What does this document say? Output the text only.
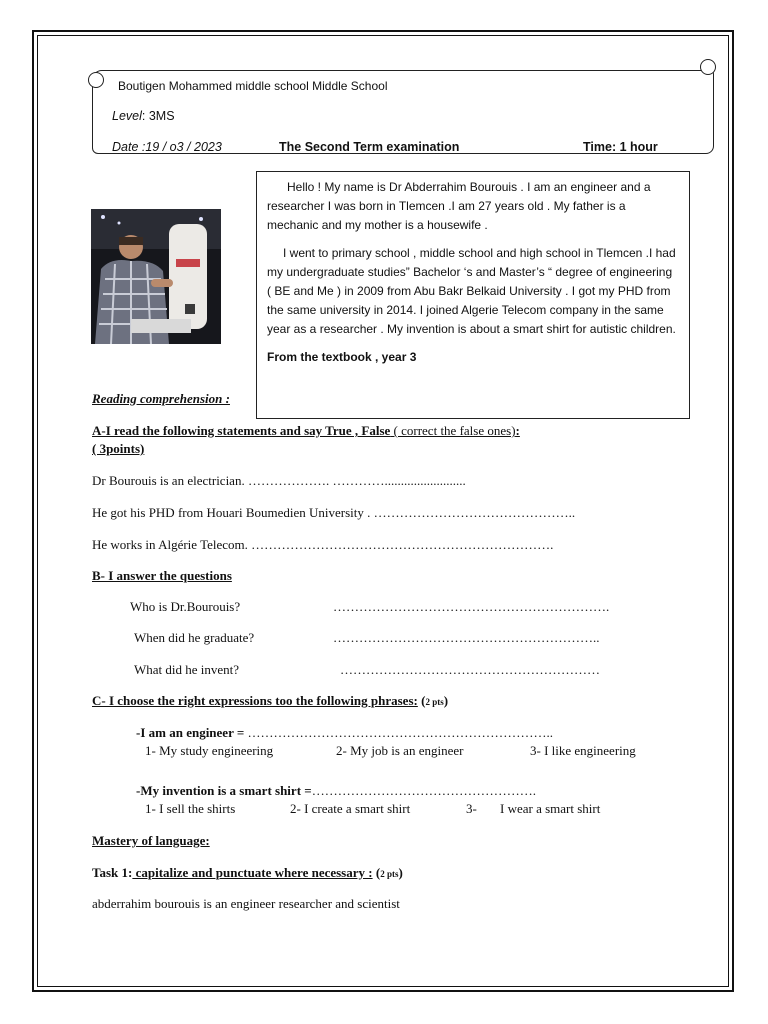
Boutigen Mohammed middle school Middle School
Level: 3MS
Date :19 / o3 / 2023	The Second Term examination	Time: 1 hour

Hello ! My name is Dr Abderrahim Bourouis . I am an engineer and a researcher I was born in Tlemcen .I am 27 years old . My father is a mechanic and my mother is a housewife .

I went to primary school , middle school and high school in Tlemcen .I had my undergraduate studies” Bachelor ‘s and Master’s “ degree of engineering ( BE and Me ) in 2009 from Abu Bakr Belkaid University . I got my PHD from the same university in 2014. I joined Algerie Telecom company in the same year as a researcher . My invention is about a smart shirt for autistic children.

From the textbook , year 3

Reading comprehension :
A-I read the following statements and say True , False ( correct the false ones):
( 3points)
Dr Bourouis is an electrician. ………………. ………….........................
He got his PHD from Houari Boumedien University . ………………………………………..
He works in Algérie Telecom. …………………………………………………………….
B- I answer the questions
Who is Dr.Bourouis?	……………………………………………………….
When did he graduate?	……………………………………………………..
What did he invent?	……………………………………………………
C- I choose the right expressions too the following phrases: (2 pts)
-I am an engineer = ……………………………………………………………..
1- My study engineering	2- My job is an engineer	3- I like engineering
-My invention is a smart shirt =…………………………………………….
1- I sell the shirts	2- I create a smart shirt	3- I wear a smart shirt
Mastery of language:
Task 1: capitalize and punctuate where necessary : (2 pts)
abderrahim bourouis is an engineer researcher and scientist
